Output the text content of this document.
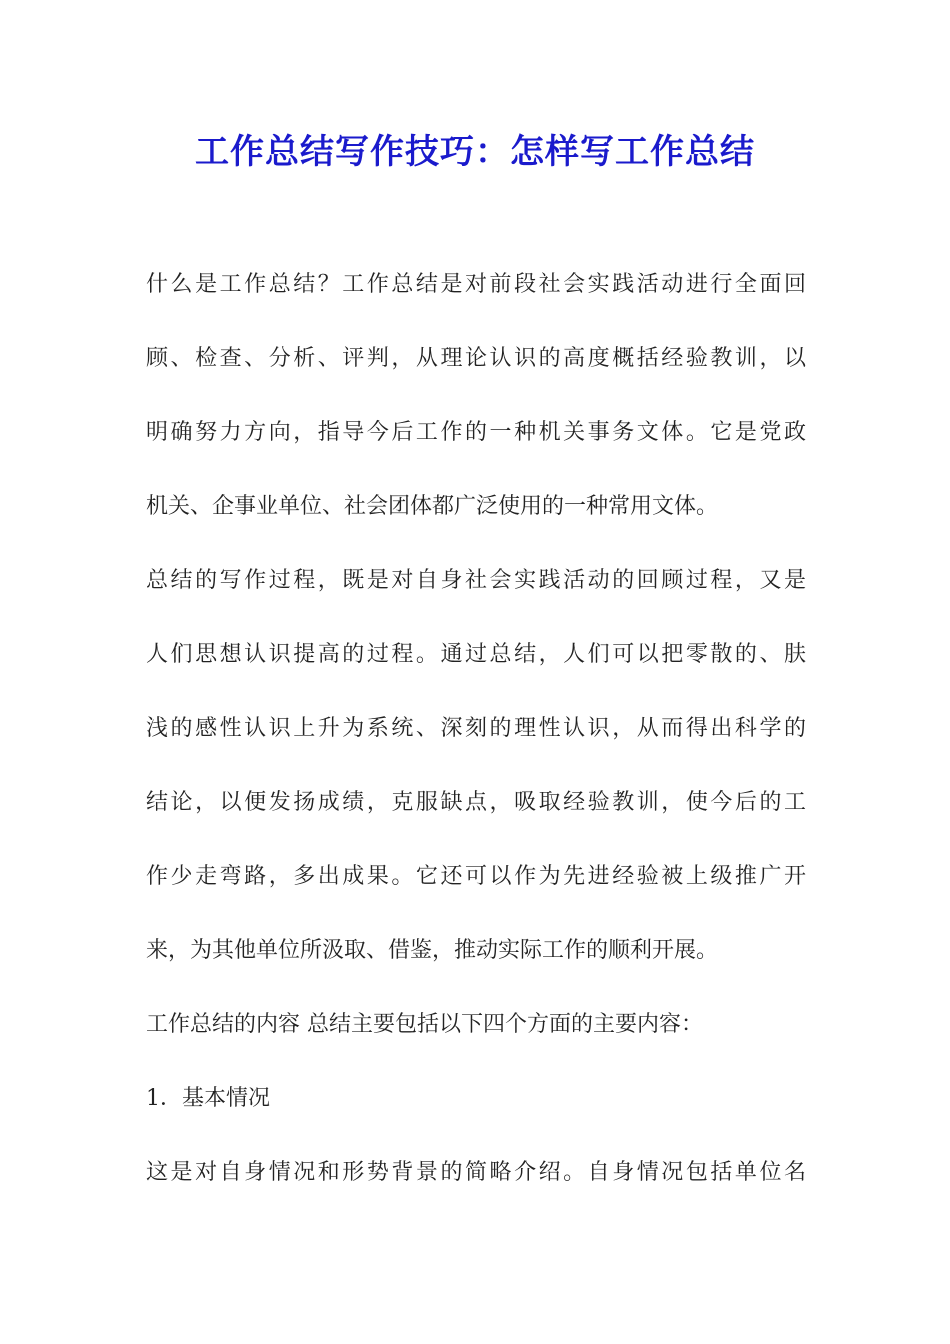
工作总结写作技巧：怎样写工作总结

什么是工作总结？工作总结是对前段社会实践活动进行全面回

顾、检查、分析、评判，从理论认识的高度概括经验教训，以

明确努力方向，指导今后工作的一种机关事务文体。它是党政

机关、企事业单位、社会团体都广泛使用的一种常用文体。

总结的写作过程，既是对自身社会实践活动的回顾过程，又是

人们思想认识提高的过程。通过总结，人们可以把零散的、肤

浅的感性认识上升为系统、深刻的理性认识，从而得出科学的

结论，以便发扬成绩，克服缺点，吸取经验教训，使今后的工

作少走弯路，多出成果。它还可以作为先进经验被上级推广开

来，为其他单位所汲取、借鉴，推动实际工作的顺利开展。

工作总结的内容 总结主要包括以下四个方面的主要内容：

1．基本情况

这是对自身情况和形势背景的简略介绍。自身情况包括单位名
